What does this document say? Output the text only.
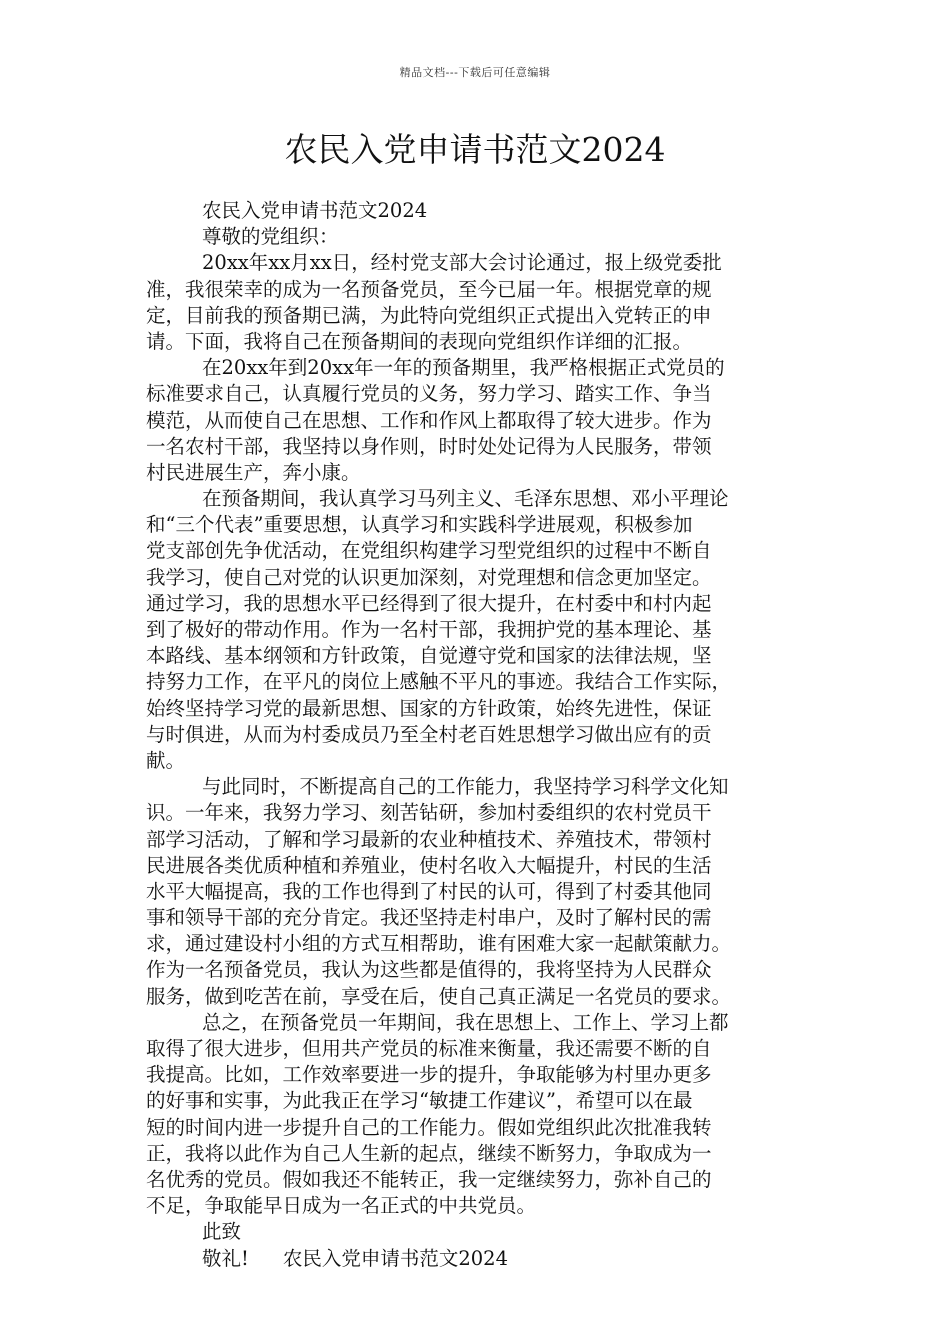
精品文档---下载后可任意编辑
农民入党申请书范文2024
农民入党申请书范文2024
尊敬的党组织：
20xx年xx月xx日，经村党支部大会讨论通过，报上级党委批
准，我很荣幸的成为一名预备党员，至今已届一年。根据党章的规
定，目前我的预备期已满，为此特向党组织正式提出入党转正的申
请。下面，我将自己在预备期间的表现向党组织作详细的汇报。
在20xx年到20xx年一年的预备期里，我严格根据正式党员的
标准要求自己，认真履行党员的义务，努力学习、踏实工作、争当
模范，从而使自己在思想、工作和作风上都取得了较大进步。作为
一名农村干部，我坚持以身作则，时时处处记得为人民服务，带领
村民进展生产，奔小康。
在预备期间，我认真学习马列主义、毛泽东思想、邓小平理论
和“三个代表”重要思想，认真学习和实践科学进展观，积极参加
党支部创先争优活动，在党组织构建学习型党组织的过程中不断自
我学习，使自己对党的认识更加深刻，对党理想和信念更加坚定。
通过学习，我的思想水平已经得到了很大提升，在村委中和村内起
到了极好的带动作用。作为一名村干部，我拥护党的基本理论、基
本路线、基本纲领和方针政策，自觉遵守党和国家的法律法规，坚
持努力工作，在平凡的岗位上感触不平凡的事迹。我结合工作实际，
始终坚持学习党的最新思想、国家的方针政策，始终先进性，保证
与时俱进，从而为村委成员乃至全村老百姓思想学习做出应有的贡
献。
与此同时，不断提高自己的工作能力，我坚持学习科学文化知
识。一年来，我努力学习、刻苦钻研，参加村委组织的农村党员干
部学习活动，了解和学习最新的农业种植技术、养殖技术，带领村
民进展各类优质种植和养殖业，使村名收入大幅提升，村民的生活
水平大幅提高，我的工作也得到了村民的认可，得到了村委其他同
事和领导干部的充分肯定。我还坚持走村串户，及时了解村民的需
求，通过建设村小组的方式互相帮助，谁有困难大家一起献策献力。
作为一名预备党员，我认为这些都是值得的，我将坚持为人民群众
服务，做到吃苦在前，享受在后，使自己真正满足一名党员的要求。
总之，在预备党员一年期间，我在思想上、工作上、学习上都
取得了很大进步，但用共产党员的标准来衡量，我还需要不断的自
我提高。比如，工作效率要进一步的提升，争取能够为村里办更多
的好事和实事，为此我正在学习“敏捷工作建议”，希望可以在最
短的时间内进一步提升自己的工作能力。假如党组织此次批准我转
正，我将以此作为自己人生新的起点，继续不断努力，争取成为一
名优秀的党员。假如我还不能转正，我一定继续努力，弥补自己的
不足，争取能早日成为一名正式的中共党员。
此致
敬礼! 农民入党申请书范文2024
